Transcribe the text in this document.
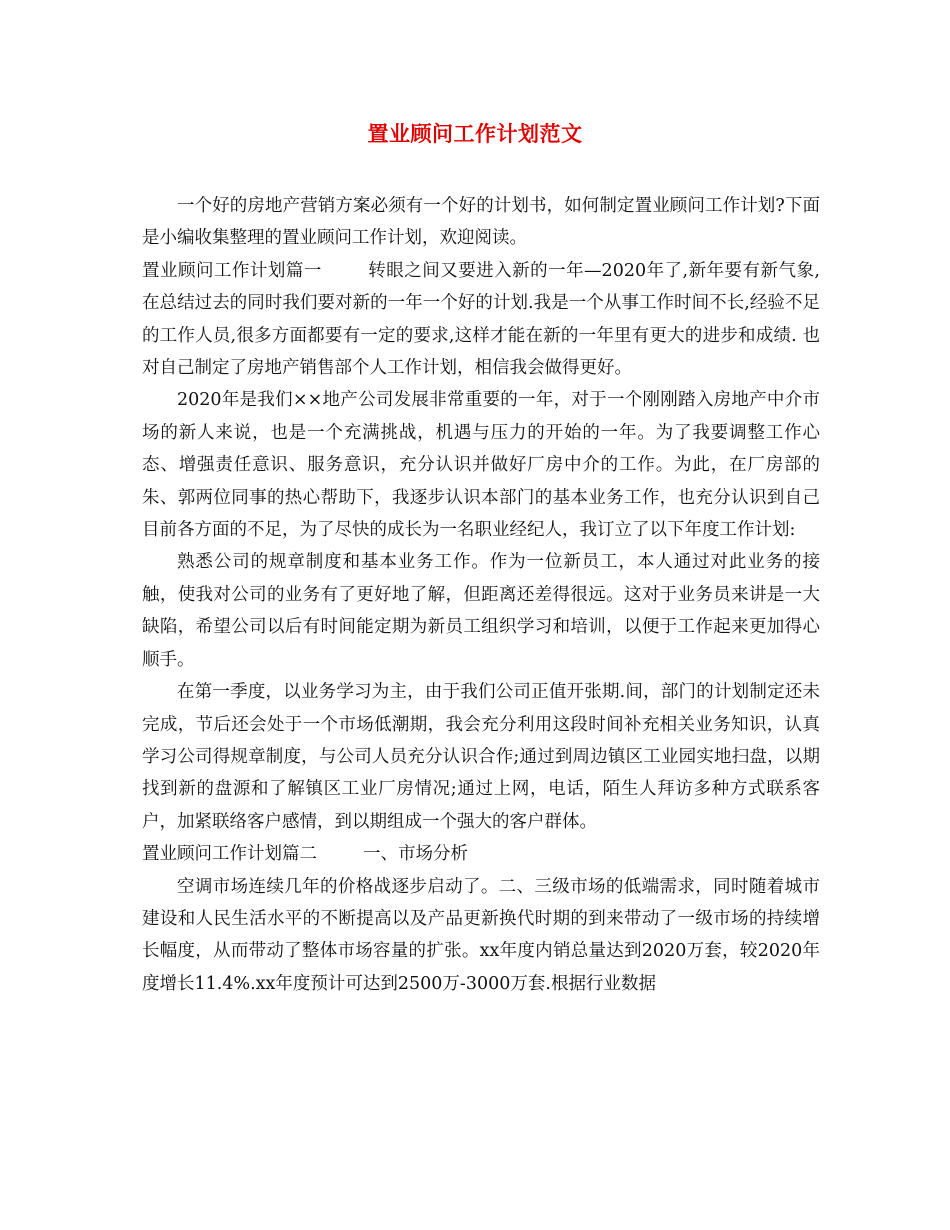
置业顾问工作计划范文

一个好的房地产营销方案必须有一个好的计划书，如何制定置业顾问工作计划?下面是小编收集整理的置业顾问工作计划，欢迎阅读。

置业顾问工作计划篇一	转眼之间又要进入新的一年—2020年了,新年要有新气象,在总结过去的同时我们要对新的一年一个好的计划.我是一个从事工作时间不长,经验不足的工作人员,很多方面都要有一定的要求,这样才能在新的一年里有更大的进步和成绩. 也对自己制定了房地产销售部个人工作计划，相信我会做得更好。

2020年是我们××地产公司发展非常重要的一年，对于一个刚刚踏入房地产中介市场的新人来说，也是一个充满挑战，机遇与压力的开始的一年。为了我要调整工作心态、增强责任意识、服务意识，充分认识并做好厂房中介的工作。为此，在厂房部的朱、郭两位同事的热心帮助下，我逐步认识本部门的基本业务工作，也充分认识到自己目前各方面的不足，为了尽快的成长为一名职业经纪人，我订立了以下年度工作计划:

熟悉公司的规章制度和基本业务工作。作为一位新员工，本人通过对此业务的接触，使我对公司的业务有了更好地了解，但距离还差得很远。这对于业务员来讲是一大缺陷，希望公司以后有时间能定期为新员工组织学习和培训，以便于工作起来更加得心顺手。

在第一季度，以业务学习为主，由于我们公司正值开张期.间，部门的计划制定还未完成，节后还会处于一个市场低潮期，我会充分利用这段时间补充相关业务知识，认真学习公司得规章制度，与公司人员充分认识合作;通过到周边镇区工业园实地扫盘，以期找到新的盘源和了解镇区工业厂房情况;通过上网，电话，陌生人拜访多种方式联系客户，加紧联络客户感情，到以期组成一个强大的客户群体。

置业顾问工作计划篇二	一、市场分析

空调市场连续几年的价格战逐步启动了。二、三级市场的低端需求，同时随着城市建设和人民生活水平的不断提高以及产品更新换代时期的到来带动了一级市场的持续增长幅度，从而带动了整体市场容量的扩张。xx年度内销总量达到2020万套，较2020年度增长11.4%.xx年度预计可达到2500万-3000万套.根据行业数据
